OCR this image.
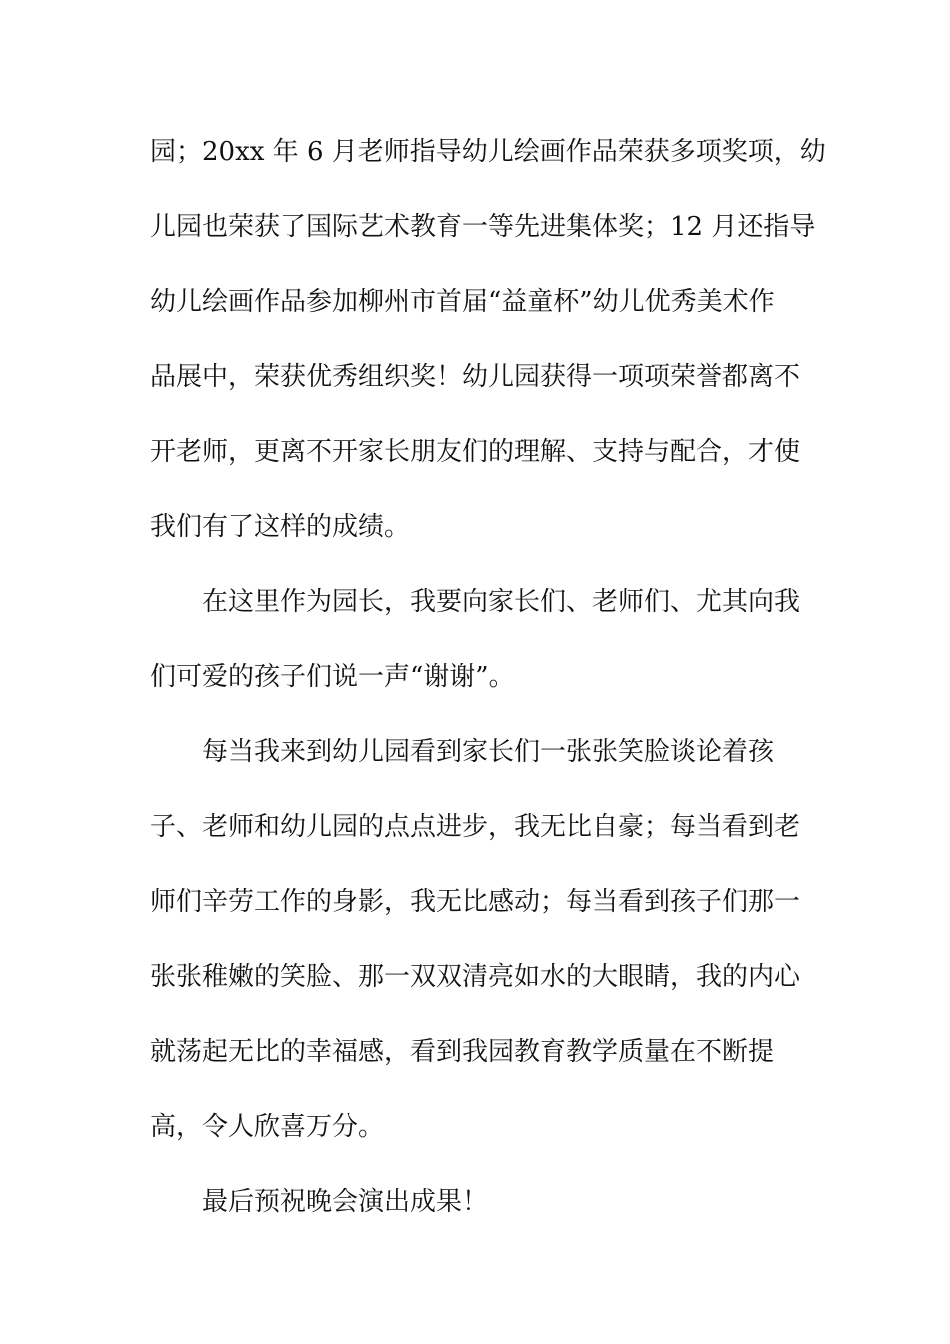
园；20xx 年 6 月老师指导幼儿绘画作品荣获多项奖项，幼
儿园也荣获了国际艺术教育一等先进集体奖；12 月还指导
幼儿绘画作品参加柳州市首届“益童杯”幼儿优秀美术作
品展中，荣获优秀组织奖！幼儿园获得一项项荣誉都离不
开老师，更离不开家长朋友们的理解、支持与配合，才使
我们有了这样的成绩。
在这里作为园长，我要向家长们、老师们、尤其向我
们可爱的孩子们说一声“谢谢”。
每当我来到幼儿园看到家长们一张张笑脸谈论着孩
子、老师和幼儿园的点点进步，我无比自豪；每当看到老
师们辛劳工作的身影，我无比感动；每当看到孩子们那一
张张稚嫩的笑脸、那一双双清亮如水的大眼睛，我的内心
就荡起无比的幸福感，看到我园教育教学质量在不断提
高，令人欣喜万分。
最后预祝晚会演出成果！
